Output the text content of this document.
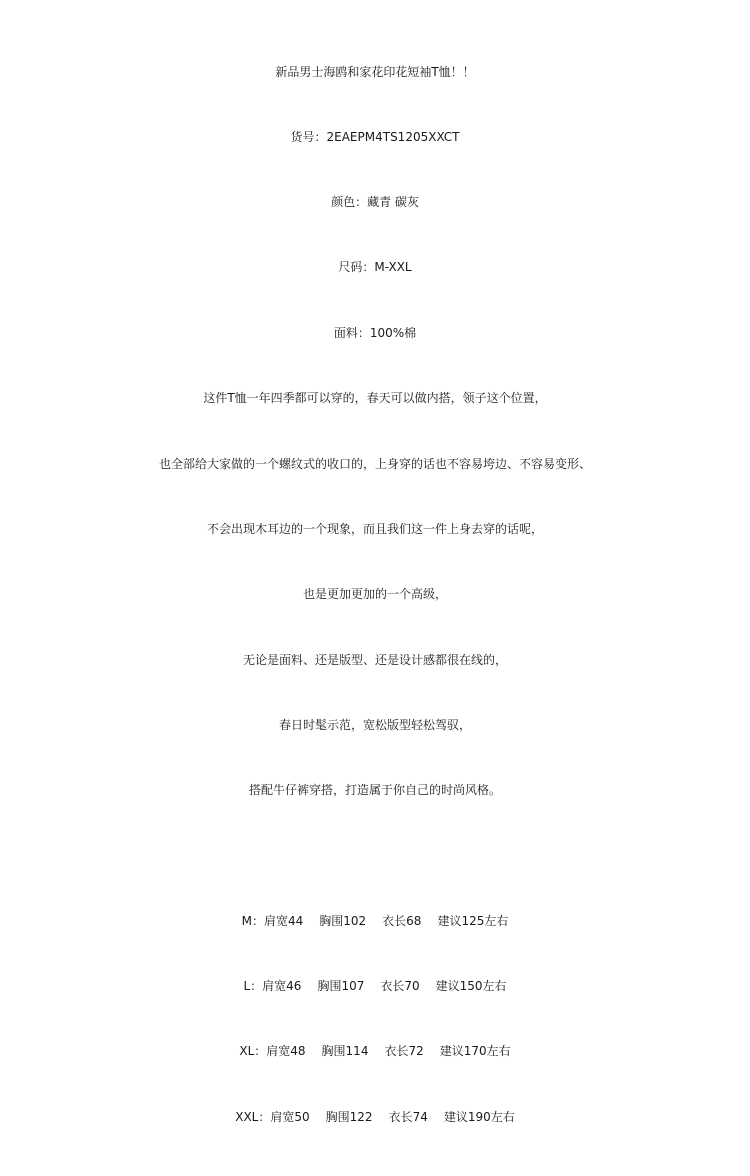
新品男士海鸥和家花印花短袖T恤！！
货号：2EAEPM4TS1205XXCT
颜色：藏青 碳灰
尺码：M-XXL
面料：100%棉
这件T恤一年四季都可以穿的，春天可以做内搭，领子这个位置，
也全部给大家做的一个螺纹式的收口的，上身穿的话也不容易垮边、不容易变形、
不会出现木耳边的一个现象，而且我们这一件上身去穿的话呢，
也是更加更加的一个高级，
无论是面料、还是版型、还是设计感都很在线的，
春日时髦示范，宽松版型轻松驾驭，
搭配牛仔裤穿搭，打造属于你自己的时尚风格。
M：肩宽44 胸围102 衣长68 建议125左右
L：肩宽46 胸围107 衣长70 建议150左右
XL：肩宽48 胸围114 衣长72 建议170左右
XXL：肩宽50 胸围122 衣长74 建议190左右
